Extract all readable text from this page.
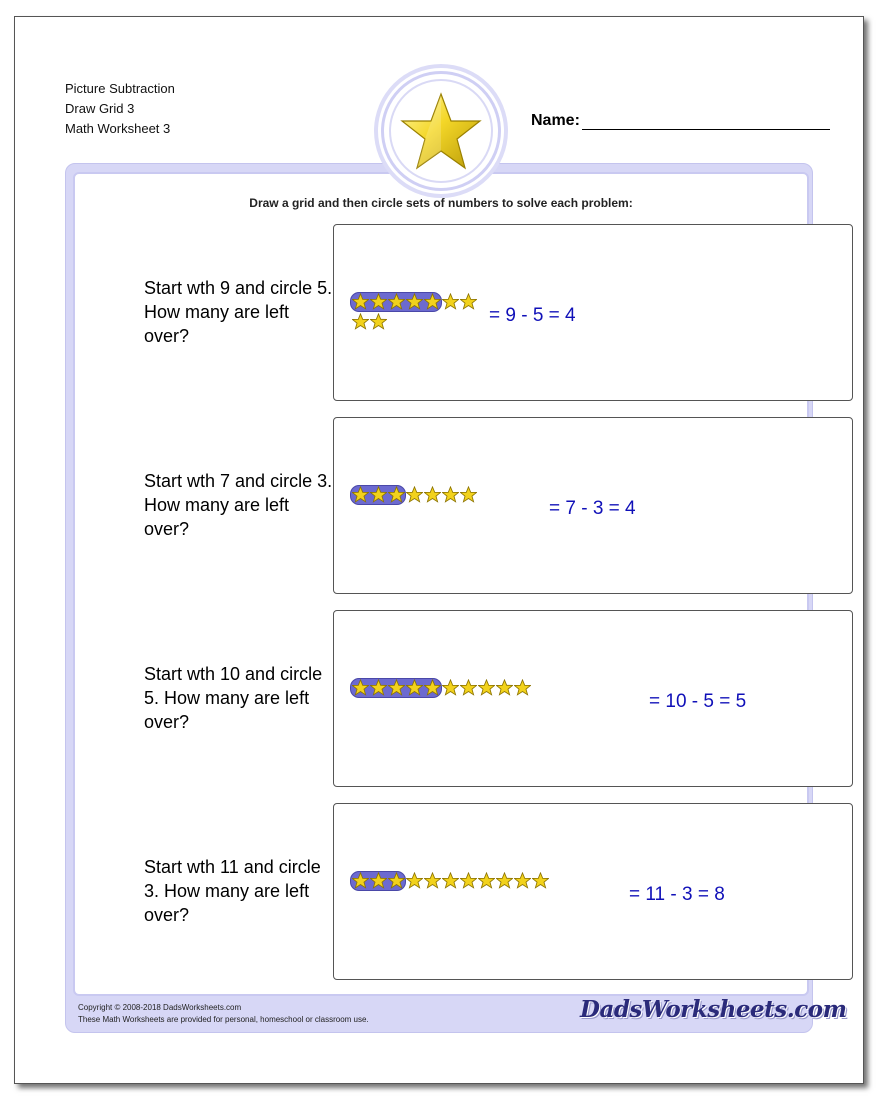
Picture Subtraction
Draw Grid 3
Math Worksheet 3	Name:
Draw a grid and then circle sets of numbers to solve each problem:
Start wth 9 and circle 5. How many are left over?
= 9 - 5 = 4
Start wth 7 and circle 3. How many are left over?
= 7 - 3 = 4
Start wth 10 and circle 5. How many are left over?
= 10 - 5 = 5
Start wth 11 and circle 3. How many are left over?
= 11 - 3 = 8
Copyright © 2008-2018 DadsWorksheets.com
These Math Worksheets are provided for personal, homeschool or classroom use.	DadsWorksheets.com
